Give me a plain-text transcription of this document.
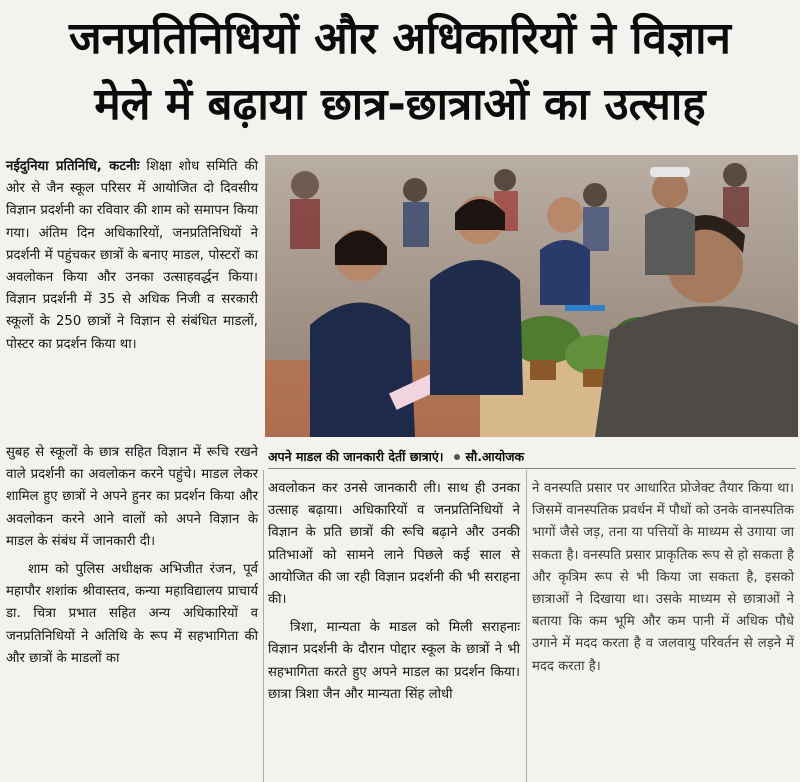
जनप्रतिनिधियों और अधिकारियों ने विज्ञान
मेले में बढ़ाया छात्र-छात्राओं का उत्साह

नईदुनिया प्रतिनिधि, कटनीः शिक्षा शोध समिति की ओर से जैन स्कूल परिसर में आयोजित दो दिवसीय विज्ञान प्रदर्शनी का रविवार की शाम को समापन किया गया। अंतिम दिन अधिकारियों, जनप्रतिनिधियों ने प्रदर्शनी में पहुंचकर छात्रों के बनाए माडल, पोस्टरों का अवलोकन किया और उनका उत्साहवर्द्धन किया। विज्ञान प्रदर्शनी में 35 से अधिक निजी व सरकारी स्कूलों के 250 छात्रों ने विज्ञान से संबंधित माडलों, पोस्टर का प्रदर्शन किया था।

सुबह से स्कूलों के छात्र सहित विज्ञान में रूचि रखने वाले प्रदर्शनी का अवलोकन करने पहुंचे। माडल लेकर शामिल हुए छात्रों ने अपने हुनर का प्रदर्शन किया और अवलोकन करने आने वालों को अपने विज्ञान के माडल के संबंध में जानकारी दी।

शाम को पुलिस अधीक्षक अभिजीत रंजन, पूर्व महापौर शशांक श्रीवास्तव, कन्या महाविद्यालय प्राचार्य डा. चित्रा प्रभात सहित अन्य अधिकारियों व जनप्रतिनिधियों ने अतिथि के रूप में सहभागिता की और छात्रों के माडलों का

अपने माडल की जानकारी देतीं छात्राएं। सौ.आयोजक

अवलोकन कर उनसे जानकारी ली। साथ ही उनका उत्साह बढ़ाया। अधिकारियों व जनप्रतिनिधियों ने विज्ञान के प्रति छात्रों की रूचि बढ़ाने और उनकी प्रतिभाओं को सामने लाने पिछले कई साल से आयोजित की जा रही विज्ञान प्रदर्शनी की भी सराहना की।

त्रिशा, मान्यता के माडल को मिली सराहनाः विज्ञान प्रदर्शनी के दौरान पोद्दार स्कूल के छात्रों ने भी सहभागिता करते हुए अपने माडल का प्रदर्शन किया। छात्रा त्रिशा जैन और मान्यता सिंह लोधी

ने वनस्पति प्रसार पर आधारित प्रोजेक्ट तैयार किया था। जिसमें वानस्पतिक प्रवर्धन में पौधों को उनके वानस्पतिक भागों जैसे जड़, तना या पत्तियों के माध्यम से उगाया जा सकता है। वनस्पति प्रसार प्राकृतिक रूप से हो सकता है और कृत्रिम रूप से भी किया जा सकता है, इसको छात्राओं ने दिखाया था। उसके माध्यम से छात्राओं ने बताया कि कम भूमि और कम पानी में अधिक पौधे उगाने में मदद करता है व जलवायु परिवर्तन से लड़ने में मदद करता है।
